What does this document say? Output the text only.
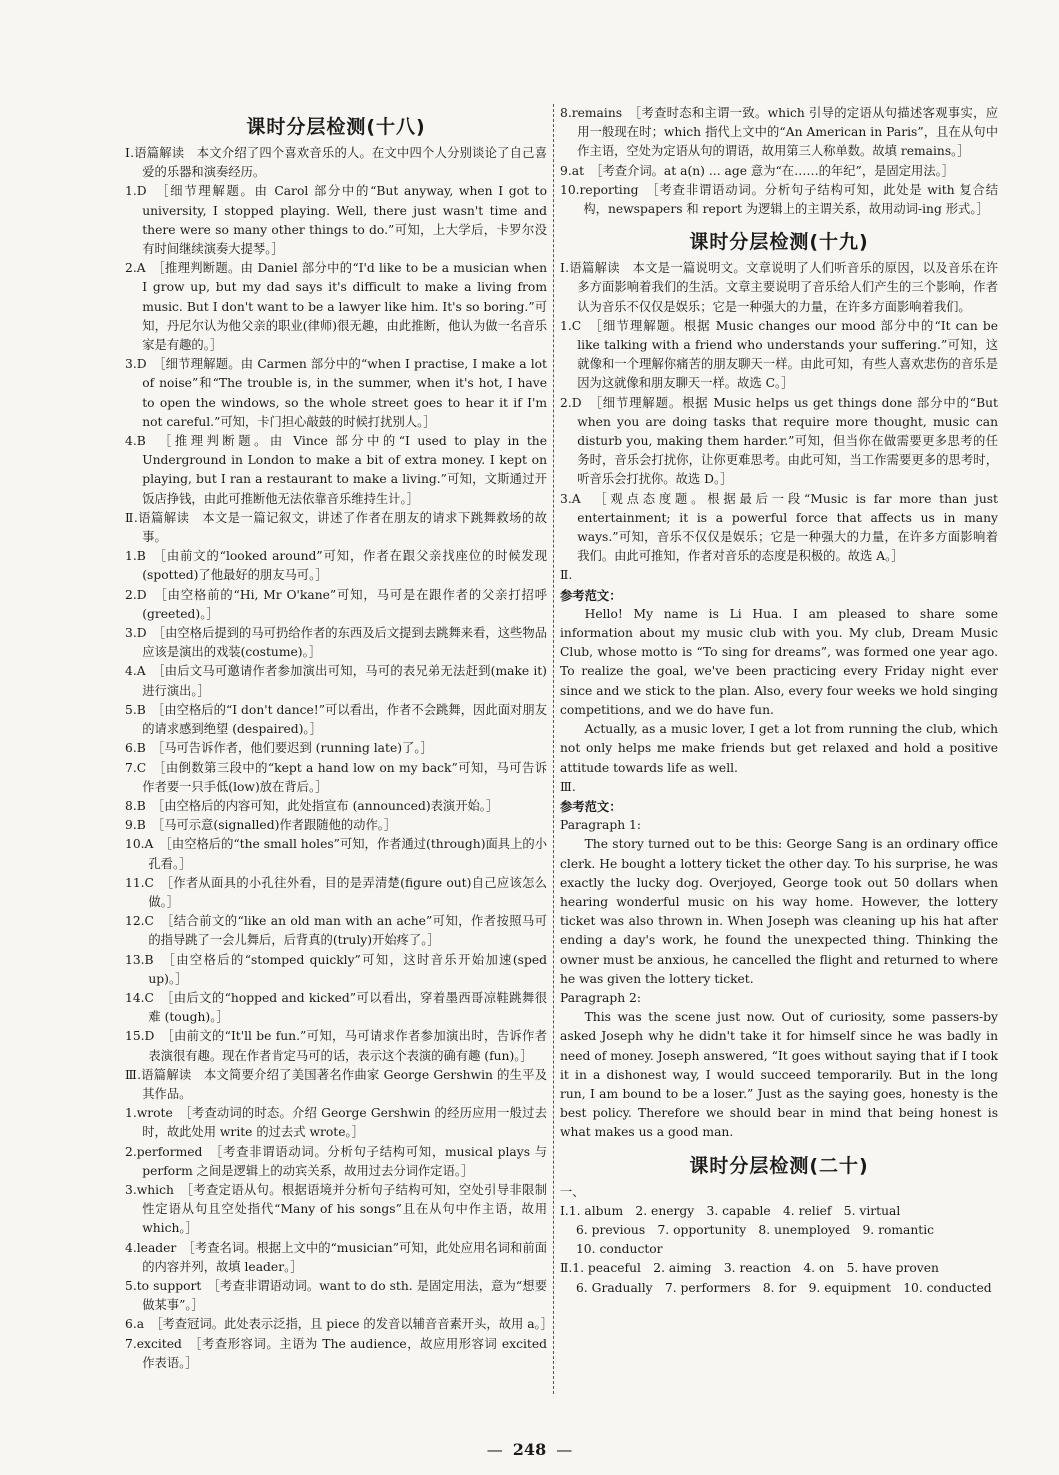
课时分层检测(十八)

Ⅰ.语篇解读　本文介绍了四个喜欢音乐的人。在文中四个人分别谈论了自己喜爱的乐器和演奏经历。

1.D　［细节理解题。由 Carol 部分中的“But anyway, when I got to university, I stopped playing. Well, there just wasn't time and there were so many other things to do.”可知，上大学后，卡罗尔没有时间继续演奏大提琴。］

2.A　［推理判断题。由 Daniel 部分中的“I'd like to be a musician when I grow up, but my dad says it's difficult to make a living from music. But I don't want to be a lawyer like him. It's so boring.”可知，丹尼尔认为他父亲的职业(律师)很无趣，由此推断，他认为做一名音乐家是有趣的。］

3.D　［细节理解题。由 Carmen 部分中的“when I practise, I make a lot of noise”和“The trouble is, in the summer, when it's hot, I have to open the windows, so the whole street goes to hear it if I'm not careful.”可知，卡门担心敲鼓的时候打扰别人。］

4.B　［推理判断题。由 Vince 部分中的“I used to play in the Underground in London to make a bit of extra money. I kept on playing, but I ran a restaurant to make a living.”可知，文斯通过开饭店挣钱，由此可推断他无法依靠音乐维持生计。］

Ⅱ.语篇解读　本文是一篇记叙文，讲述了作者在朋友的请求下跳舞救场的故事。

1.B　［由前文的“looked around”可知，作者在跟父亲找座位的时候发现 (spotted)了他最好的朋友马可。］

2.D　［由空格前的“Hi, Mr O'kane”可知，马可是在跟作者的父亲打招呼(greeted)。］

3.D　［由空格后提到的马可扔给作者的东西及后文提到去跳舞来看，这些物品应该是演出的戏装(costume)。］

4.A　［由后文马可邀请作者参加演出可知，马可的表兄弟无法赶到(make it)进行演出。］

5.B　［由空格后的“I don't dance!”可以看出，作者不会跳舞，因此面对朋友的请求感到绝望 (despaired)。］

6.B　［马可告诉作者，他们要迟到 (running late)了。］

7.C　［由倒数第三段中的“kept a hand low on my back”可知，马可告诉作者要一只手低(low)放在背后。］

8.B　［由空格后的内容可知，此处指宣布 (announced)表演开始。］

9.B　［马可示意(signalled)作者跟随他的动作。］

10.A　［由空格后的“the small holes”可知，作者通过(through)面具上的小孔看。］

11.C　［作者从面具的小孔往外看，目的是弄清楚(figure out)自己应该怎么做。］

12.C　［结合前文的“like an old man with an ache”可知，作者按照马可的指导跳了一会儿舞后，后背真的(truly)开始疼了。］

13.B　［由空格后的“stomped quickly”可知，这时音乐开始加速(sped up)。］

14.C　［由后文的“hopped and kicked”可以看出，穿着墨西哥凉鞋跳舞很难 (tough)。］

15.D　［由前文的“It'll be fun.”可知，马可请求作者参加演出时，告诉作者表演很有趣。现在作者肯定马可的话，表示这个表演的确有趣 (fun)。］

Ⅲ.语篇解读　本文简要介绍了美国著名作曲家 George Gershwin 的生平及其作品。

1.wrote　［考查动词的时态。介绍 George Gershwin 的经历应用一般过去时，故此处用 write 的过去式 wrote。］

2.performed　［考查非谓语动词。分析句子结构可知，musical plays 与 perform 之间是逻辑上的动宾关系，故用过去分词作定语。］

3.which　［考查定语从句。根据语境并分析句子结构可知，空处引导非限制性定语从句且空处指代“Many of his songs”且在从句中作主语，故用 which。］

4.leader　［考查名词。根据上文中的“musician”可知，此处应用名词和前面的内容并列，故填 leader。］

5.to support　［考查非谓语动词。want to do sth. 是固定用法，意为“想要做某事”。］

6.a　［考查冠词。此处表示泛指，且 piece 的发音以辅音音素开头，故用 a。］

7.excited　［考查形容词。主语为 The audience，故应用形容词 excited 作表语。］

8.remains　［考查时态和主谓一致。which 引导的定语从句描述客观事实，应用一般现在时；which 指代上文中的“An American in Paris”，且在从句中作主语，空处为定语从句的谓语，故用第三人称单数。故填 remains。］

9.at　［考查介词。at a(n) ... age 意为“在……的年纪”，是固定用法。］

10.reporting　［考查非谓语动词。分析句子结构可知，此处是 with 复合结构，newspapers 和 report 为逻辑上的主谓关系，故用动词-ing 形式。］

课时分层检测(十九)

Ⅰ.语篇解读　本文是一篇说明文。文章说明了人们听音乐的原因，以及音乐在许多方面影响着我们的生活。文章主要说明了音乐给人们产生的三个影响，作者认为音乐不仅仅是娱乐；它是一种强大的力量，在许多方面影响着我们。

1.C　［细节理解题。根据 Music changes our mood 部分中的“It can be like talking with a friend who understands your suffering.”可知，这就像和一个理解你痛苦的朋友聊天一样。由此可知，有些人喜欢悲伤的音乐是因为这就像和朋友聊天一样。故选 C。］

2.D　［细节理解题。根据 Music helps us get things done 部分中的“But when you are doing tasks that require more thought, music can disturb you, making them harder.”可知，但当你在做需要更多思考的任务时，音乐会打扰你，让你更难思考。由此可知，当工作需要更多的思考时，听音乐会打扰你。故选 D。］

3.A　［观点态度题。根据最后一段“Music is far more than just entertainment; it is a powerful force that affects us in many ways.”可知，音乐不仅仅是娱乐；它是一种强大的力量，在许多方面影响着我们。由此可推知，作者对音乐的态度是积极的。故选 A。］

Ⅱ.

参考范文：

Hello! My name is Li Hua. I am pleased to share some information about my music club with you. My club, Dream Music Club, whose motto is “To sing for dreams”, was formed one year ago. To realize the goal, we've been practicing every Friday night ever since and we stick to the plan. Also, every four weeks we hold singing competitions, and we do have fun.

Actually, as a music lover, I get a lot from running the club, which not only helps me make friends but get relaxed and hold a positive attitude towards life as well.

Ⅲ.

参考范文：

Paragraph 1:

The story turned out to be this: George Sang is an ordinary office clerk. He bought a lottery ticket the other day. To his surprise, he was exactly the lucky dog. Overjoyed, George took out 50 dollars when hearing wonderful music on his way home. However, the lottery ticket was also thrown in. When Joseph was cleaning up his hat after ending a day's work, he found the unexpected thing. Thinking the owner must be anxious, he cancelled the flight and returned to where he was given the lottery ticket.

Paragraph 2:

This was the scene just now. Out of curiosity, some passers-by asked Joseph why he didn't take it for himself since he was badly in need of money. Joseph answered, “It goes without saying that if I took it in a dishonest way, I would succeed temporarily. But in the long run, I am bound to be a loser.” Just as the saying goes, honesty is the best policy. Therefore we should bear in mind that being honest is what makes us a good man.

课时分层检测(二十)

一、

Ⅰ.1. album　2. energy　3. capable　4. relief　5. virtual

6. previous　7. opportunity　8. unemployed　9. romantic

10. conductor

Ⅱ.1. peaceful　2. aiming　3. reaction　4. on　5. have proven

6. Gradually　7. performers　8. for　9. equipment　10. conducted

— 248 —
